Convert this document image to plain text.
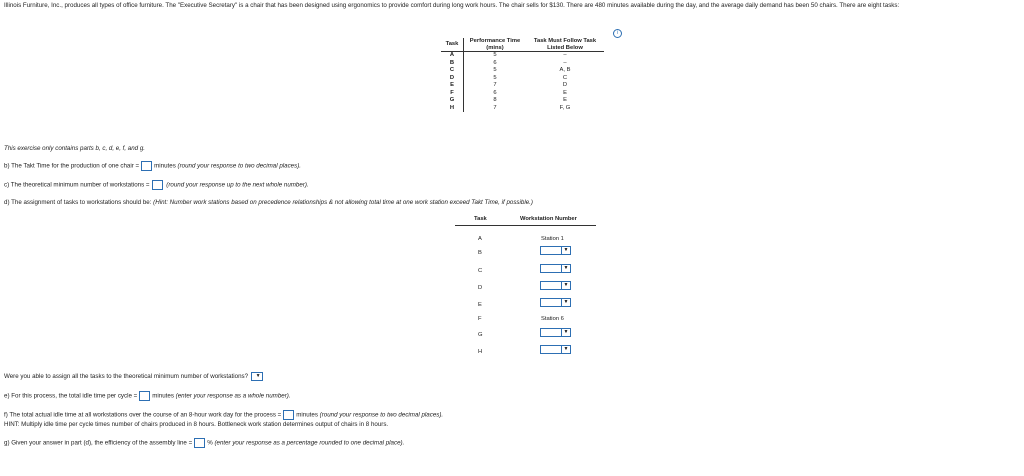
Illinois Furniture, Inc., produces all types of office furniture. The "Executive Secretary" is a chair that has been designed using ergonomics to provide comfort during long work hours. The chair sells for $130. There are 480 minutes available during the day, and the average daily demand has been 50 chairs. There are eight tasks:
i
Task	Performance Time (mins)	Task Must Follow Task Listed Below
A	5	–
B	6	–
C	5	A, B
D	5	C
E	7	D
F	6	E
G	8	E
H	7	F, G
This exercise only contains parts b, c, d, e, f, and g.
b) The Takt Time for the production of one chair = minutes (round your response to two decimal places).
c) The theoretical minimum number of workstations =	(round your response up to the next whole number).
d) The assignment of tasks to workstations should be: (Hint: Number work stations based on precedence relationships & not allowing total time at one work station exceed Takt Time, if possible.)
Task	Workstation Number
A	Station 1
B	▼
C	▼
D	▼
E	▼
F	Station 6
G	▼
H	▼
Were you able to assign all the tasks to the theoretical minimum number of workstations?	▼
e) For this process, the total idle time per cycle = minutes (enter your response as a whole number).
f) The total actual idle time at all workstations over the course of an 8-hour work day for the process = minutes (round your response to two decimal places).
HINT: Multiply idle time per cycle times number of chairs produced in 8 hours. Bottleneck work station determines output of chairs in 8 hours.
g) Given your answer in part (d), the efficiency of the assembly line = % (enter your response as a percentage rounded to one decimal place).
